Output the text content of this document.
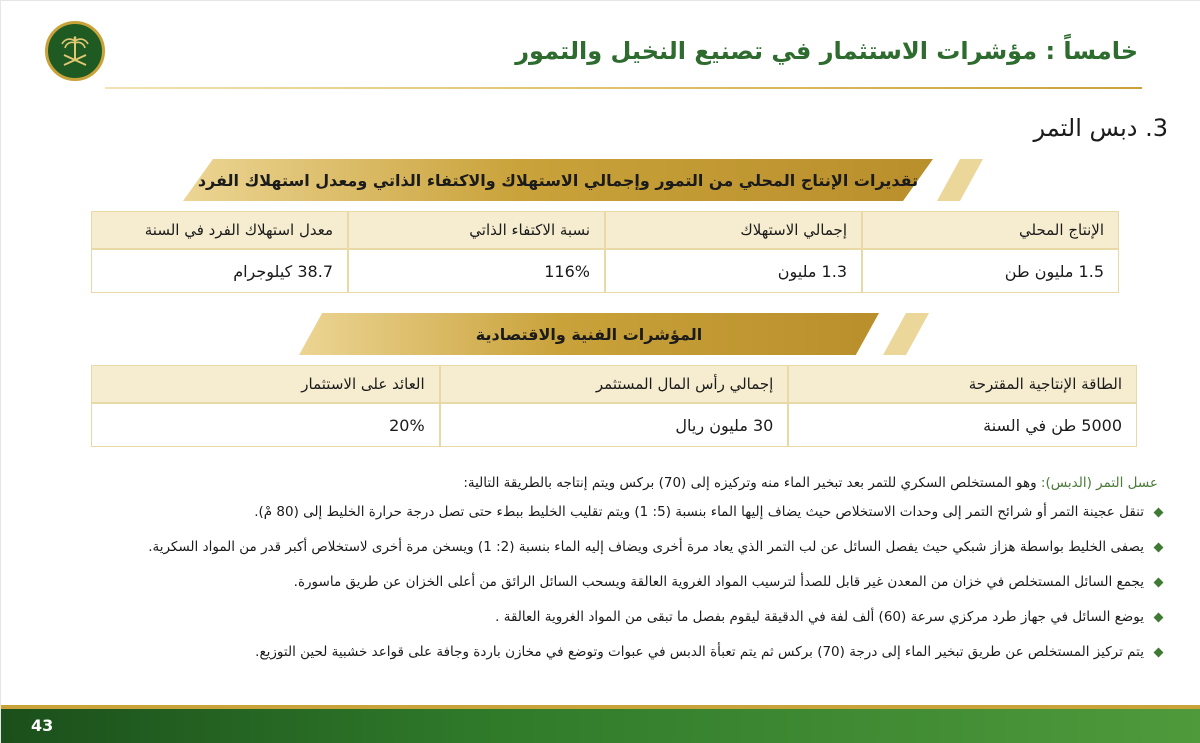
خامساً : مؤشرات الاستثمار في تصنيع النخيل والتمور
3. دبس التمر
تقديرات الإنتاج المحلي من التمور وإجمالي الاستهلاك والاكتفاء الذاتي ومعدل استهلاك الفرد
الإنتاج المحلي	إجمالي الاستهلاك	نسبة الاكتفاء الذاتي	معدل استهلاك الفرد في السنة
1.5 مليون طن	1.3 مليون	116%	38.7 كيلوجرام
المؤشرات الفنية والاقتصادية
الطاقة الإنتاجية المقترحة	إجمالي رأس المال المستثمر	العائد على الاستثمار
5000 طن في السنة	30 مليون ريال	20%
عسل التمر (الدبس): وهو المستخلص السكري للتمر بعد تبخير الماء منه وتركيزه إلى (70) بركس ويتم إنتاجه بالطريقة التالية:
تنقل عجينة التمر أو شرائح التمر إلى وحدات الاستخلاص حيث يضاف إليها الماء بنسبة (5: 1) ويتم تقليب الخليط ببطء حتى تصل درجة حرارة الخليط إلى (80 مْ).
يصفى الخليط بواسطة هزاز شبكي حيث يفصل السائل عن لب التمر الذي يعاد مرة أخرى ويضاف إليه الماء بنسبة (2: 1) ويسخن مرة أخرى لاستخلاص أكبر قدر من المواد السكرية.
يجمع السائل المستخلص في خزان من المعدن غير قابل للصدأ لترسيب المواد الغروية العالقة ويسحب السائل الرائق من أعلى الخزان عن طريق ماسورة.
يوضع السائل في جهاز طرد مركزي سرعة (60) ألف لفة في الدقيقة ليقوم بفصل ما تبقى من المواد الغروية العالقة .
يتم تركيز المستخلص عن طريق تبخير الماء إلى درجة (70) بركس ثم يتم تعبأة الدبس في عبوات وتوضع في مخازن باردة وجافة على قواعد خشبية لحين التوزيع.
43
